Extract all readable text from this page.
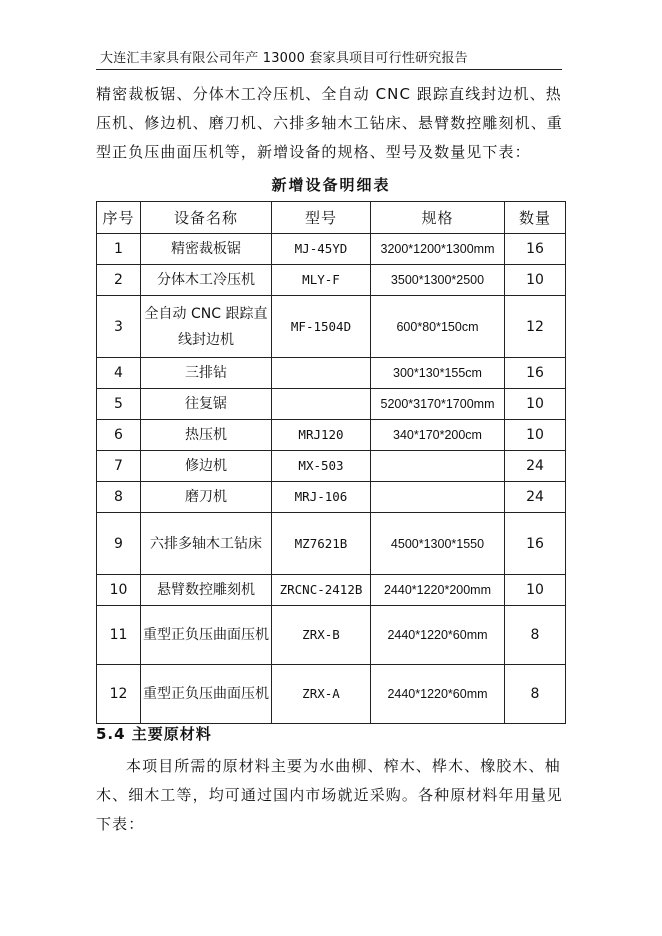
大连汇丰家具有限公司年产 13000 套家具项目可行性研究报告
精密裁板锯、分体木工冷压机、全自动 CNC 跟踪直线封边机、热压机、修边机、磨刀机、六排多轴木工钻床、悬臂数控雕刻机、重型正负压曲面压机等，新增设备的规格、型号及数量见下表：
新增设备明细表
序号	设备名称	型号	规格	数量
1	精密裁板锯	MJ-45YD	3200*1200*1300mm	16
2	分体木工冷压机	MLY-F	3500*1300*2500	10
3	全自动 CNC 跟踪直线封边机	MF-1504D	600*80*150cm	12
4	三排钻		300*130*155cm	16
5	往复锯		5200*3170*1700mm	10
6	热压机	MRJ120	340*170*200cm	10
7	修边机	MX-503		24
8	磨刀机	MRJ-106		24
9	六排多轴木工钻床	MZ7621B	4500*1300*1550	16
10	悬臂数控雕刻机	ZRCNC-2412B	2440*1220*200mm	10
11	重型正负压曲面压机	ZRX-B	2440*1220*60mm	8
12	重型正负压曲面压机	ZRX-A	2440*1220*60mm	8
5.4 主要原材料
本项目所需的原材料主要为水曲柳、榨木、桦木、橡胶木、柚木、细木工等，均可通过国内市场就近采购。各种原材料年用量见下表：
